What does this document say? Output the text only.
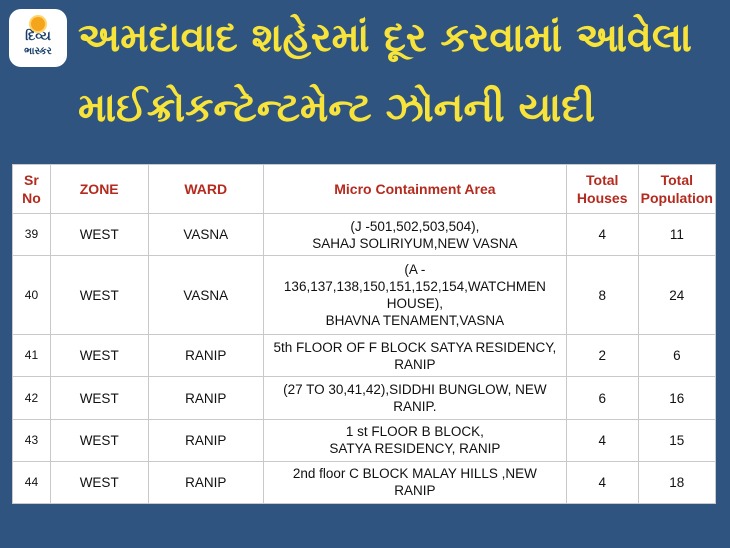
દિવ્ય
ભાસ્કર અમદાવાદ શહેરમાં દૂર કરવામાં આવેલા
માઈક્રોકન્ટેન્ટમેન્ટ ઝોનની યાદી
Sr No	ZONE	WARD	Micro Containment Area	Total Houses	Total Population
39	WEST	VASNA	(J -501,502,503,504),
SAHAJ SOLIRIYUM,NEW VASNA	4	11
40	WEST	VASNA	(A -
136,137,138,150,151,152,154,WATCHMEN
HOUSE),
BHAVNA TENAMENT,VASNA	8	24
41	WEST	RANIP	5th FLOOR OF F BLOCK SATYA RESIDENCY,
RANIP	2	6
42	WEST	RANIP	(27 TO 30,41,42),SIDDHI BUNGLOW, NEW
RANIP.	6	16
43	WEST	RANIP	1 st FLOOR B BLOCK,
SATYA RESIDENCY, RANIP	4	15
44	WEST	RANIP	2nd floor C BLOCK MALAY HILLS ,NEW
RANIP	4	18
